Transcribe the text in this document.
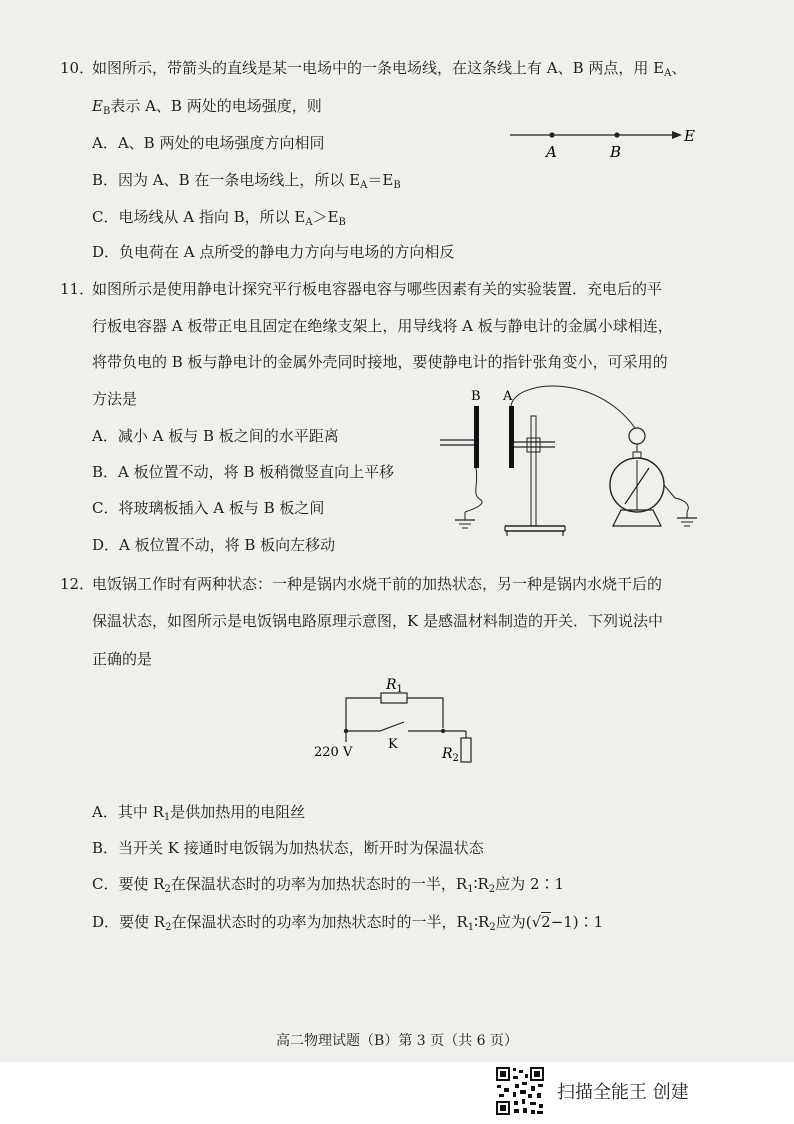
10．
如图所示，带箭头的直线是某一电场中的一条电场线，在这条线上有 A、B 两点，用 $E_A$、
$E_B$表示 A、B 两处的电场强度，则
A．A、B 两处的电场强度方向相同
B．因为 A、B 在一条电场线上，所以 $E_A=E_B$
C．电场线从 A 指向 B，所以 $E_A>E_B$
D．负电荷在 A 点所受的静电力方向与电场的方向相反
A	B
E
11．
如图所示是使用静电计探究平行板电容器电容与哪些因素有关的实验装置．充电后的平
行板电容器 A 板带正电且固定在绝缘支架上，用导线将 A 板与静电计的金属小球相连，
将带负电的 B 板与静电计的金属外壳同时接地，要使静电计的指针张角变小，可采用的
方法是
A．减小 A 板与 B 板之间的水平距离
B．A 板位置不动，将 B 板稍微竖直向上平移
C．将玻璃板插入 A 板与 B 板之间
D．A 板位置不动，将 B 板向左移动
B A
12．
电饭锅工作时有两种状态：一种是锅内水烧干前的加热状态，另一种是锅内水烧干后的
保温状态，如图所示是电饭锅电路原理示意图，K 是感温材料制造的开关．下列说法中
正确的是
$R_1$
K
$R_2$
220 V
A．其中 $R_1$是供加热用的电阻丝
B．当开关 K 接通时电饭锅为加热状态，断开时为保温状态
C．要使 $R_2$在保温状态时的功率为加热状态时的一半，$R_1∶R_2$应为 2∶1
D．要使 $R_2$在保温状态时的功率为加热状态时的一半，$R_1∶R_2$应为(√2−1)∶1
高二物理试题（B）第 3 页（共 6 页）
扫描全能王 创建
